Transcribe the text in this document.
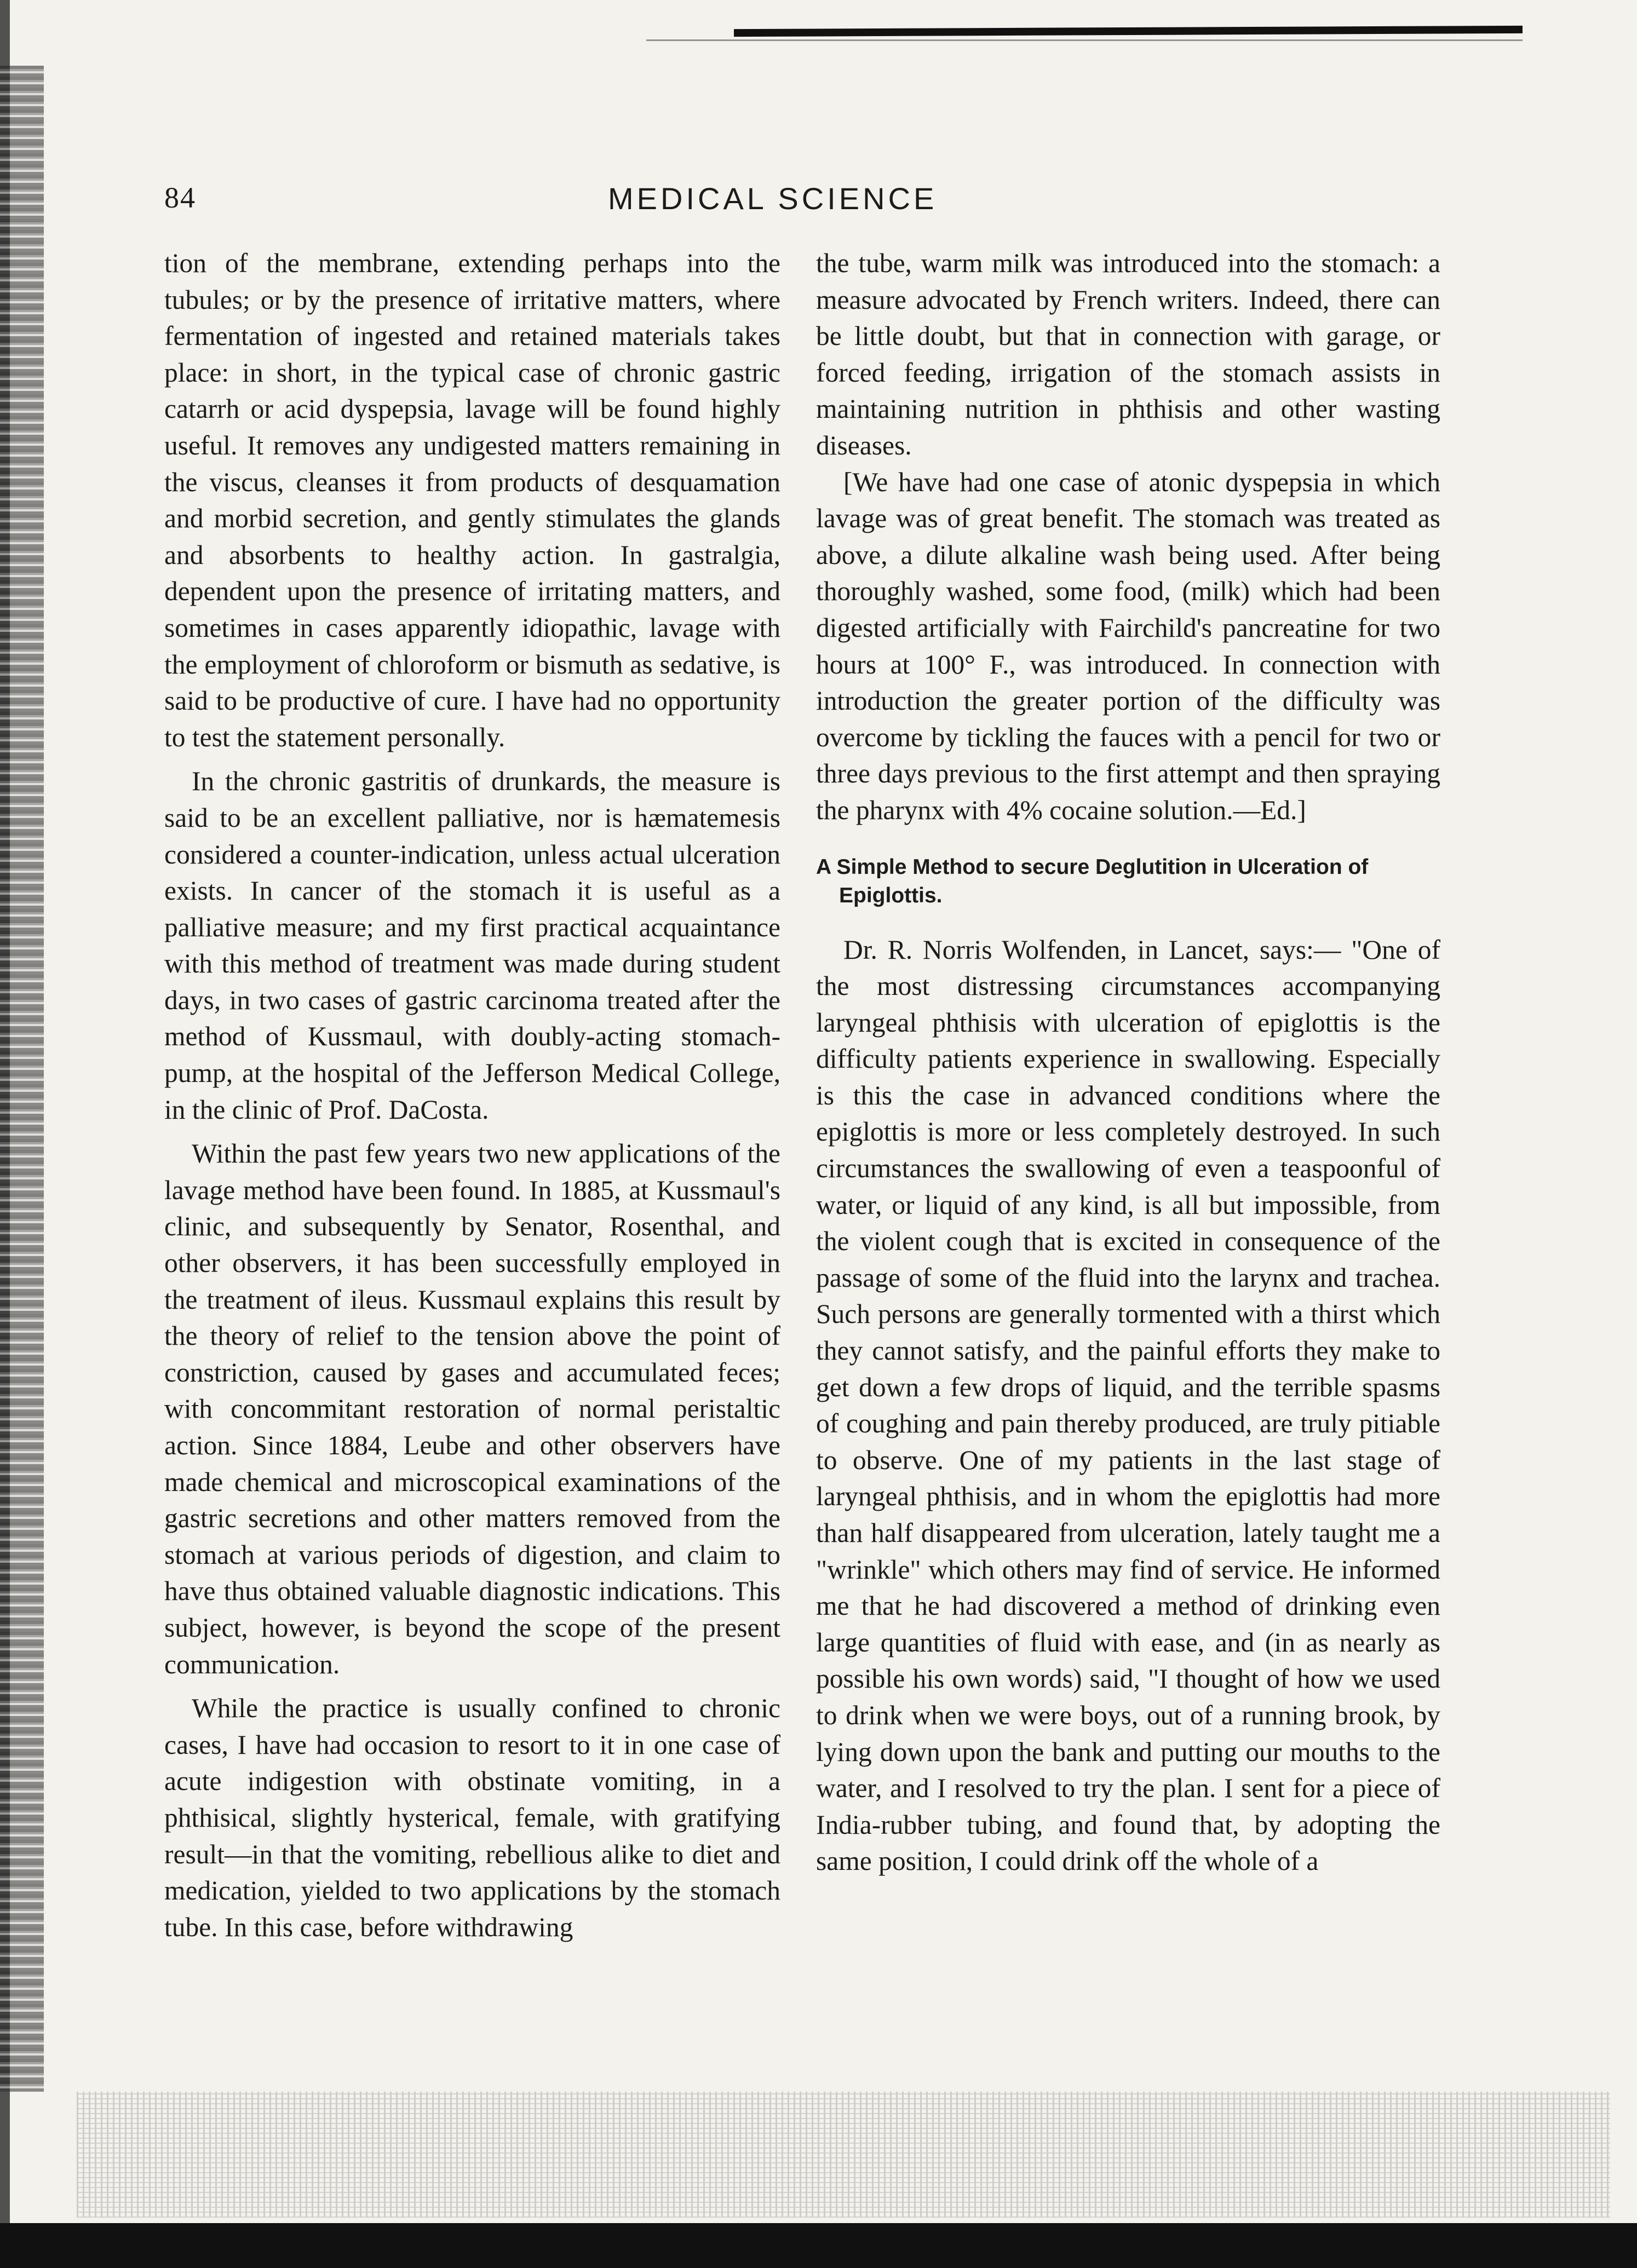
84	MEDICAL SCIENCE

tion of the membrane, extending perhaps into the tubules; or by the presence of irritative matters, where fermentation of ingested and retained materials takes place: in short, in the typical case of chronic gastric catarrh or acid dyspepsia, lavage will be found highly useful. It removes any undigested matters remaining in the viscus, cleanses it from products of desquamation and morbid secretion, and gently stimulates the glands and absorbents to healthy action. In gastralgia, dependent upon the presence of irritating matters, and sometimes in cases apparently idiopathic, lavage with the employment of chloroform or bismuth as sedative, is said to be productive of cure. I have had no opportunity to test the statement personally.

In the chronic gastritis of drunkards, the measure is said to be an excellent palliative, nor is hæmatemesis considered a counter-indication, unless actual ulceration exists. In cancer of the stomach it is useful as a palliative measure; and my first practical acquaintance with this method of treatment was made during student days, in two cases of gastric carcinoma treated after the method of Kussmaul, with doubly-acting stomach-pump, at the hospital of the Jefferson Medical College, in the clinic of Prof. DaCosta.

Within the past few years two new applications of the lavage method have been found. In 1885, at Kussmaul's clinic, and subsequently by Senator, Rosenthal, and other observers, it has been successfully employed in the treatment of ileus. Kussmaul explains this result by the theory of relief to the tension above the point of constriction, caused by gases and accumulated feces; with concommitant restoration of normal peristaltic action. Since 1884, Leube and other observers have made chemical and microscopical examinations of the gastric secretions and other matters removed from the stomach at various periods of digestion, and claim to have thus obtained valuable diagnostic indications. This subject, however, is beyond the scope of the present communication.

While the practice is usually confined to chronic cases, I have had occasion to resort to it in one case of acute indigestion with obstinate vomiting, in a phthisical, slightly hysterical, female, with gratifying result—in that the vomiting, rebellious alike to diet and medication, yielded to two applications by the stomach tube. In this case, before withdrawing

the tube, warm milk was introduced into the stomach: a measure advocated by French writers. Indeed, there can be little doubt, but that in connection with garage, or forced feeding, irrigation of the stomach assists in maintaining nutrition in phthisis and other wasting diseases.

[We have had one case of atonic dyspepsia in which lavage was of great benefit. The stomach was treated as above, a dilute alkaline wash being used. After being thoroughly washed, some food, (milk) which had been digested artificially with Fairchild's pancreatine for two hours at 100° F., was introduced. In connection with introduction the greater portion of the difficulty was overcome by tickling the fauces with a pencil for two or three days previous to the first attempt and then spraying the pharynx with 4% cocaine solution.—Ed.]

A Simple Method to secure Deglutition in Ulceration of Epiglottis.

Dr. R. Norris Wolfenden, in Lancet, says:— "One of the most distressing circumstances accompanying laryngeal phthisis with ulceration of epiglottis is the difficulty patients experience in swallowing. Especially is this the case in advanced conditions where the epiglottis is more or less completely destroyed. In such circumstances the swallowing of even a teaspoonful of water, or liquid of any kind, is all but impossible, from the violent cough that is excited in consequence of the passage of some of the fluid into the larynx and trachea. Such persons are generally tormented with a thirst which they cannot satisfy, and the painful efforts they make to get down a few drops of liquid, and the terrible spasms of coughing and pain thereby produced, are truly pitiable to observe. One of my patients in the last stage of laryngeal phthisis, and in whom the epiglottis had more than half disappeared from ulceration, lately taught me a "wrinkle" which others may find of service. He informed me that he had discovered a method of drinking even large quantities of fluid with ease, and (in as nearly as possible his own words) said, "I thought of how we used to drink when we were boys, out of a running brook, by lying down upon the bank and putting our mouths to the water, and I resolved to try the plan. I sent for a piece of India-rubber tubing, and found that, by adopting the same position, I could drink off the whole of a
